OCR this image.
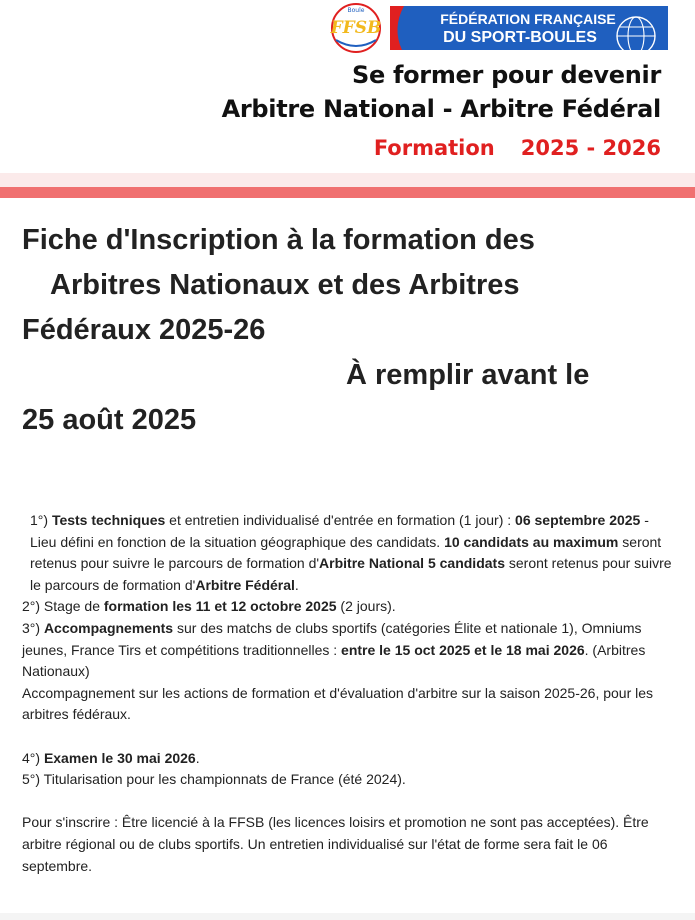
Boule
FFSB	FÉDÉRATION FRANÇAISE
DU SPORT-BOULES
Se former pour devenir
Arbitre National - Arbitre Fédéral
Formation 2025 - 2026
Fiche d'Inscription à la formation des
Arbitres Nationaux et des Arbitres
Fédéraux 2025-26
À remplir avant le
25 août 2025

1°) Tests techniques et entretien individualisé d'entrée en formation (1 jour) : 06 septembre 2025 - Lieu défini en fonction de la situation géographique des candidats. 10 candidats au maximum seront retenus pour suivre le parcours de formation d'Arbitre National 5 candidats seront retenus pour suivre le parcours de formation d'Arbitre Fédéral.

2°) Stage de formation les 11 et 12 octobre 2025 (2 jours).

3°) Accompagnements sur des matchs de clubs sportifs (catégories Élite et nationale 1), Omniums jeunes, France Tirs et compétitions traditionnelles : entre le 15 oct 2025 et le 18 mai 2026. (Arbitres Nationaux)

Accompagnement sur les actions de formation et d'évaluation d'arbitre sur la saison 2025-26, pour les arbitres fédéraux.

4°) Examen le 30 mai 2026.

5°) Titularisation pour les championnats de France (été 2024).

Pour s'inscrire : Être licencié à la FFSB (les licences loisirs et promotion ne sont pas acceptées). Être arbitre régional ou de clubs sportifs. Un entretien individualisé sur l'état de forme sera fait le 06 septembre.
